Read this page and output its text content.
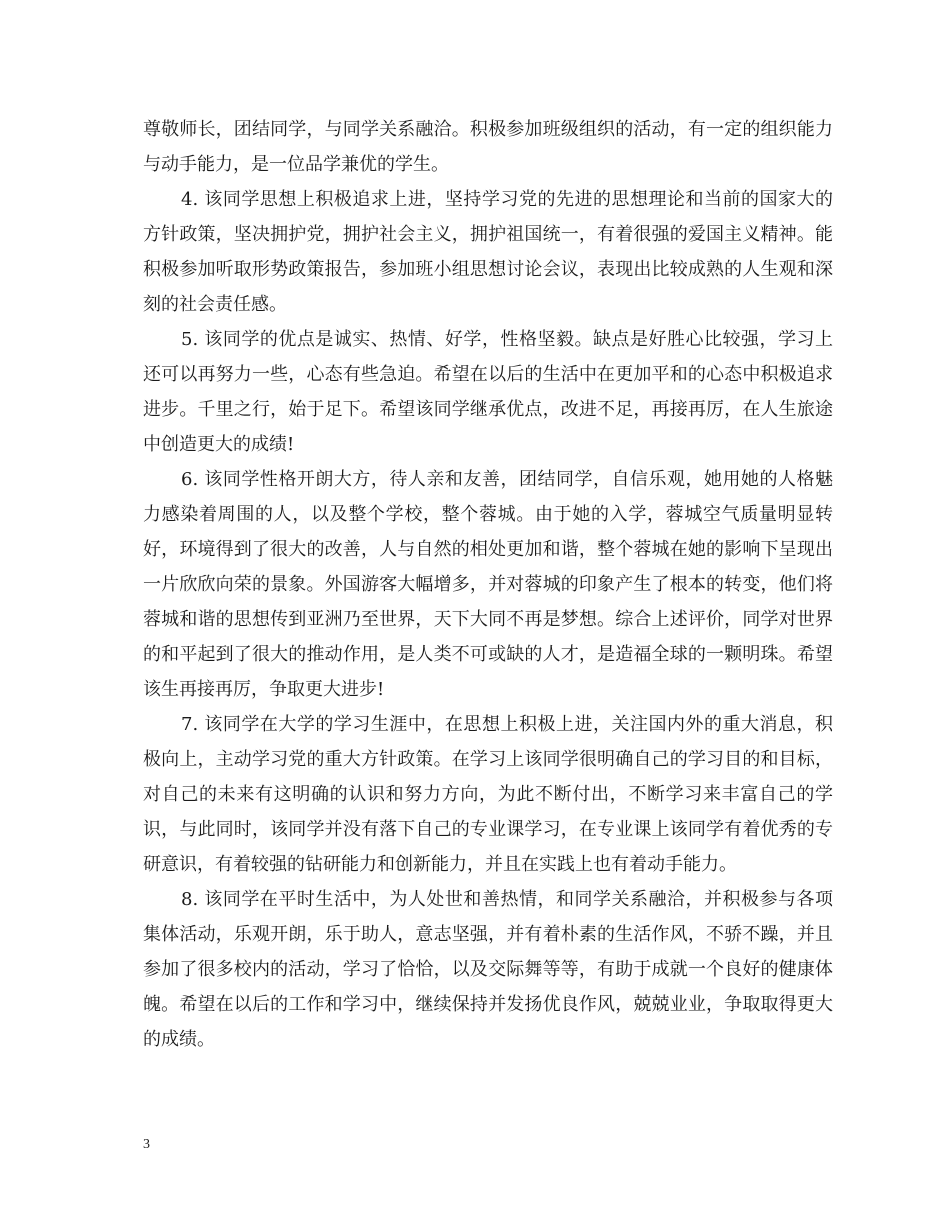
尊敬师长，团结同学，与同学关系融洽。积极参加班级组织的活动，有一定的组织能力与动手能力，是一位品学兼优的学生。

4. 该同学思想上积极追求上进，坚持学习党的先进的思想理论和当前的国家大的方针政策，坚决拥护党，拥护社会主义，拥护祖国统一，有着很强的爱国主义精神。能积极参加听取形势政策报告，参加班小组思想讨论会议，表现出比较成熟的人生观和深刻的社会责任感。

5. 该同学的优点是诚实、热情、好学，性格坚毅。缺点是好胜心比较强，学习上还可以再努力一些，心态有些急迫。希望在以后的生活中在更加平和的心态中积极追求进步。千里之行，始于足下。希望该同学继承优点，改进不足，再接再厉，在人生旅途中创造更大的成绩!

6. 该同学性格开朗大方，待人亲和友善，团结同学，自信乐观，她用她的人格魅力感染着周围的人，以及整个学校，整个蓉城。由于她的入学，蓉城空气质量明显转好，环境得到了很大的改善，人与自然的相处更加和谐，整个蓉城在她的影响下呈现出一片欣欣向荣的景象。外国游客大幅增多，并对蓉城的印象产生了根本的转变，他们将蓉城和谐的思想传到亚洲乃至世界，天下大同不再是梦想。综合上述评价，同学对世界的和平起到了很大的推动作用，是人类不可或缺的人才，是造福全球的一颗明珠。希望该生再接再厉，争取更大进步!

7. 该同学在大学的学习生涯中，在思想上积极上进，关注国内外的重大消息，积极向上，主动学习党的重大方针政策。在学习上该同学很明确自己的学习目的和目标，对自己的未来有这明确的认识和努力方向，为此不断付出，不断学习来丰富自己的学识，与此同时，该同学并没有落下自己的专业课学习，在专业课上该同学有着优秀的专研意识，有着较强的钻研能力和创新能力，并且在实践上也有着动手能力。

8. 该同学在平时生活中，为人处世和善热情，和同学关系融洽，并积极参与各项集体活动，乐观开朗，乐于助人，意志坚强，并有着朴素的生活作风，不骄不躁，并且参加了很多校内的活动，学习了恰恰，以及交际舞等等，有助于成就一个良好的健康体魄。希望在以后的工作和学习中，继续保持并发扬优良作风，兢兢业业，争取取得更大的成绩。

3
